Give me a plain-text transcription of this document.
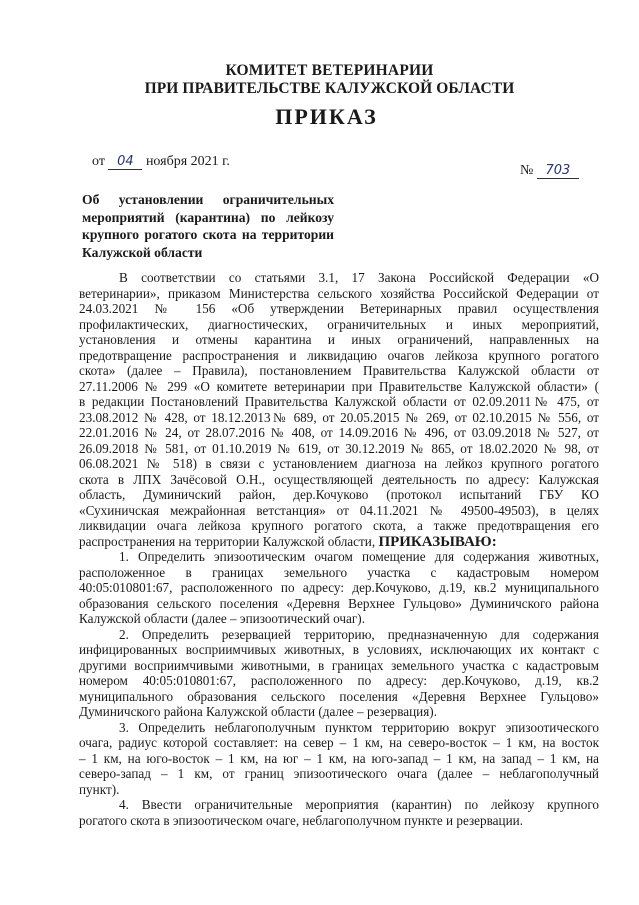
КОМИТЕТ ВЕТЕРИНАРИИ
ПРИ ПРАВИТЕЛЬСТВЕ КАЛУЖСКОЙ ОБЛАСТИ
ПРИКАЗ
от 04 ноября 2021 г.
№ 703
Об установлении ограничительных
мероприятий (карантина) по лейкозу
крупного рогатого скота на территории
Калужской области
В соответствии со статьями 3.1, 17 Закона Российской Федерации «О
ветеринарии», приказом Министерства сельского хозяйства Российской Федерации от
24.03.2021 № 156 «Об утверждении Ветеринарных правил осуществления
профилактических, диагностических, ограничительных и иных мероприятий,
установления и отмены карантина и иных ограничений, направленных на
предотвращение распространения и ликвидацию очагов лейкоза крупного рогатого
скота» (далее – Правила), постановлением Правительства Калужской области от
27.11.2006 № 299 «О комитете ветеринарии при Правительстве Калужской области» (
в редакции Постановлений Правительства Калужской области от 02.09.2011№ 475, от
23.08.2012 № 428, от 18.12.2013№ 689, от 20.05.2015 № 269, от 02.10.2015 № 556, от
22.01.2016 № 24, от 28.07.2016 № 408, от 14.09.2016 № 496, от 03.09.2018 № 527, от
26.09.2018 № 581, от 01.10.2019 № 619, от 30.12.2019 № 865, от 18.02.2020 № 98, от
06.08.2021 № 518) в связи с установлением диагноза на лейкоз крупного рогатого
скота в ЛПХ Зачёсовой О.Н., осуществляющей деятельность по адресу: Калужская
область, Думиничский район, дер.Кочуково (протокол испытаний ГБУ КО
«Сухиничская межрайонная ветстанция» от 04.11.2021 № 49500-49503), в целях
ликвидации очага лейкоза крупного рогатого скота, а также предотвращения его
распространения на территории Калужской области, ПРИКАЗЫВАЮ:
1. Определить эпизоотическим очагом помещение для содержания животных,
расположенное в границах земельного участка с кадастровым номером
40:05:010801:67, расположенного по адресу: дер.Кочуково, д.19, кв.2 муниципального
образования сельского поселения «Деревня Верхнее Гульцово» Думиничского района
Калужской области (далее – эпизоотический очаг).
2. Определить резервацией территорию, предназначенную для содержания
инфицированных восприимчивых животных, в условиях, исключающих их контакт с
другими восприимчивыми животными, в границах земельного участка с кадастровым
номером 40:05:010801:67, расположенного по адресу: дер.Кочуково, д.19, кв.2
муниципального образования сельского поселения «Деревня Верхнее Гульцово»
Думиничского района Калужской области (далее – резервация).
3. Определить неблагополучным пунктом территорию вокруг эпизоотического
очага, радиус которой составляет: на север – 1 км, на северо-восток – 1 км, на восток
– 1 км, на юго-восток – 1 км, на юг – 1 км, на юго-запад – 1 км, на запад – 1 км, на
северо-запад – 1 км, от границ эпизоотического очага (далее – неблагополучный
пункт).
4. Ввести ограничительные мероприятия (карантин) по лейкозу крупного
рогатого скота в эпизоотическом очаге, неблагополучном пункте и резервации.
